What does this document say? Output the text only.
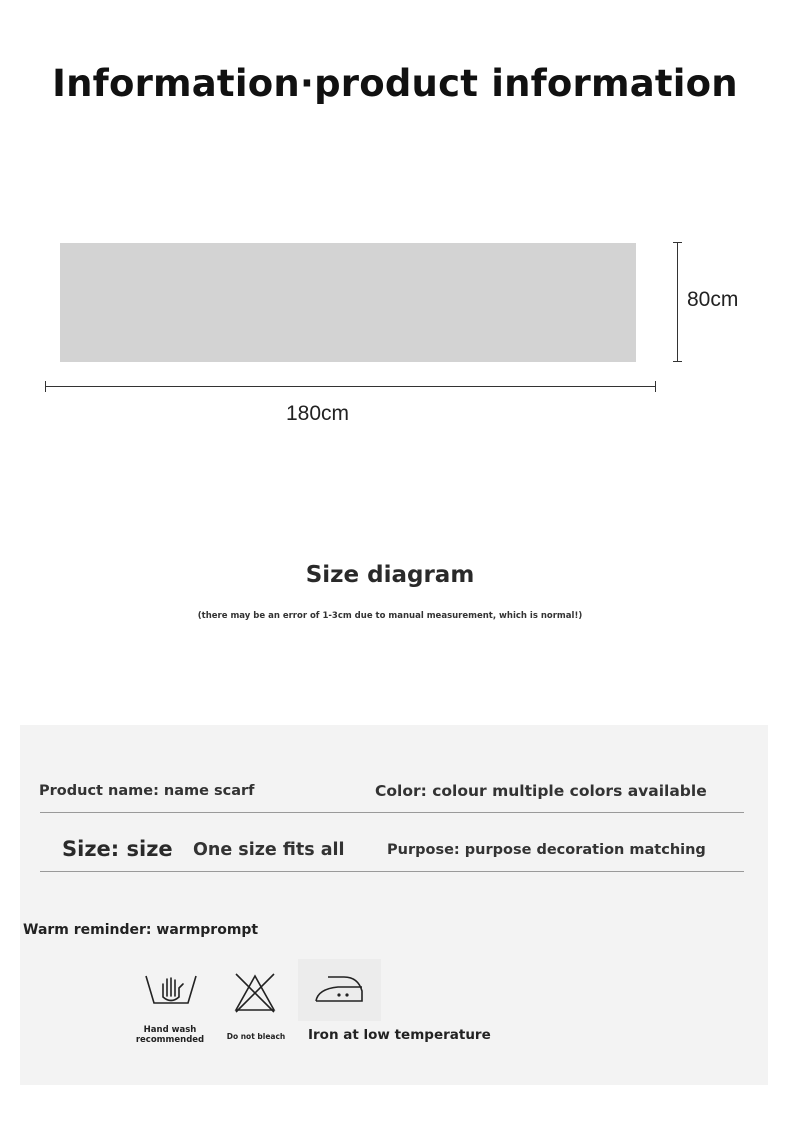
Information·product information
80cm
180cm
Size diagram
(there may be an error of 1-3cm due to manual measurement, which is normal!)
Product name: name scarf	Color: colour multiple colors available
Size: size One size fits all	Purpose: purpose decoration matching
Warm reminder: warmprompt
Hand wash recommended	Do not bleach	Iron at low temperature
